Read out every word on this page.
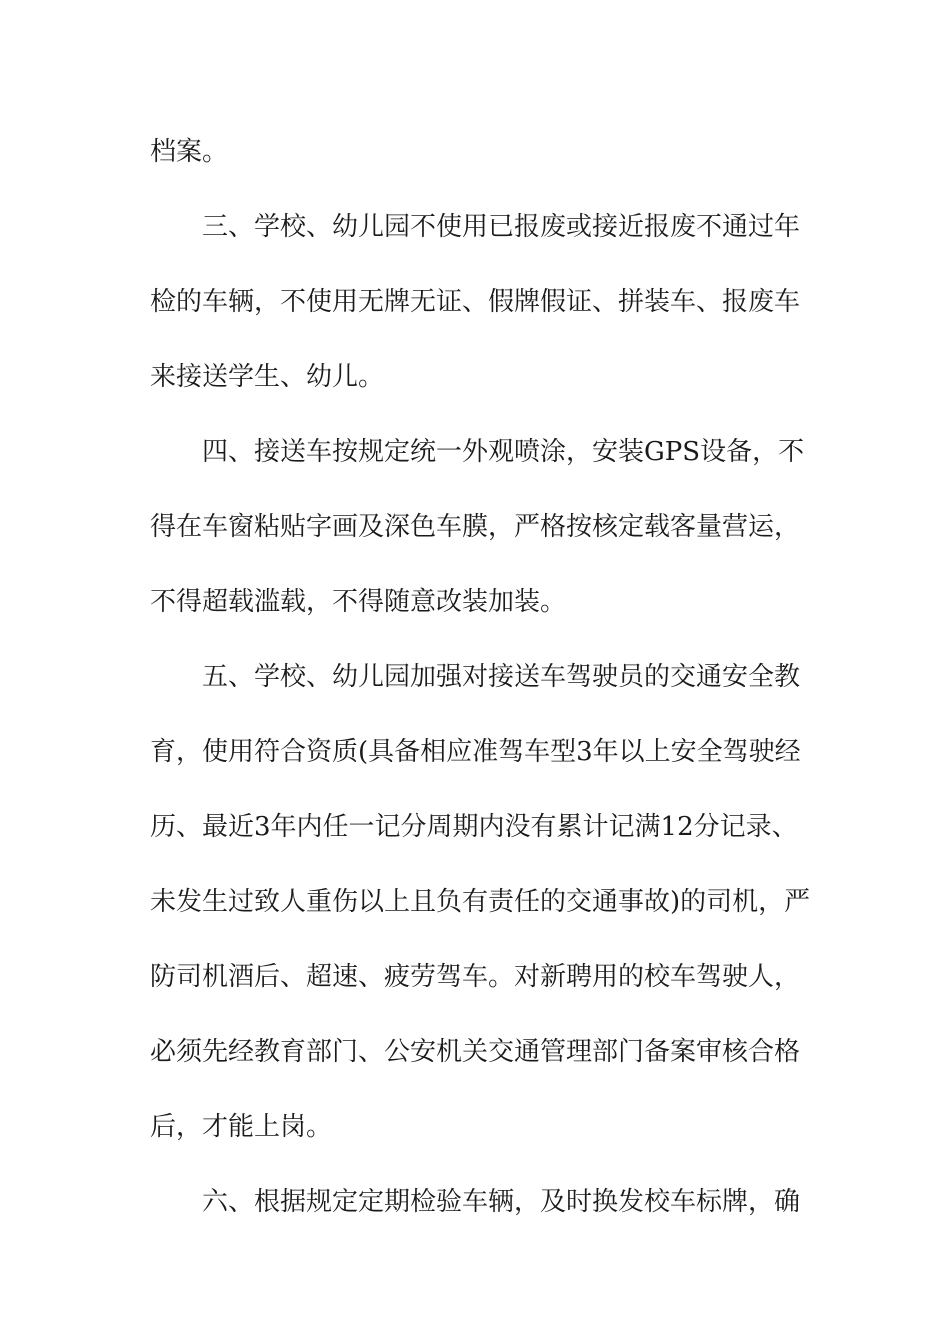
档案。
三、学校、幼儿园不使用已报废或接近报废不通过年
检的车辆，不使用无牌无证、假牌假证、拼装车、报废车
来接送学生、幼儿。
四、接送车按规定统一外观喷涂，安装GPS设备，不
得在车窗粘贴字画及深色车膜，严格按核定载客量营运，
不得超载滥载，不得随意改装加装。
五、学校、幼儿园加强对接送车驾驶员的交通安全教
育，使用符合资质(具备相应准驾车型3年以上安全驾驶经
历、最近3年内任一记分周期内没有累计记满12分记录、
未发生过致人重伤以上且负有责任的交通事故)的司机，严
防司机酒后、超速、疲劳驾车。对新聘用的校车驾驶人，
必须先经教育部门、公安机关交通管理部门备案审核合格
后，才能上岗。
六、根据规定定期检验车辆，及时换发校车标牌，确
